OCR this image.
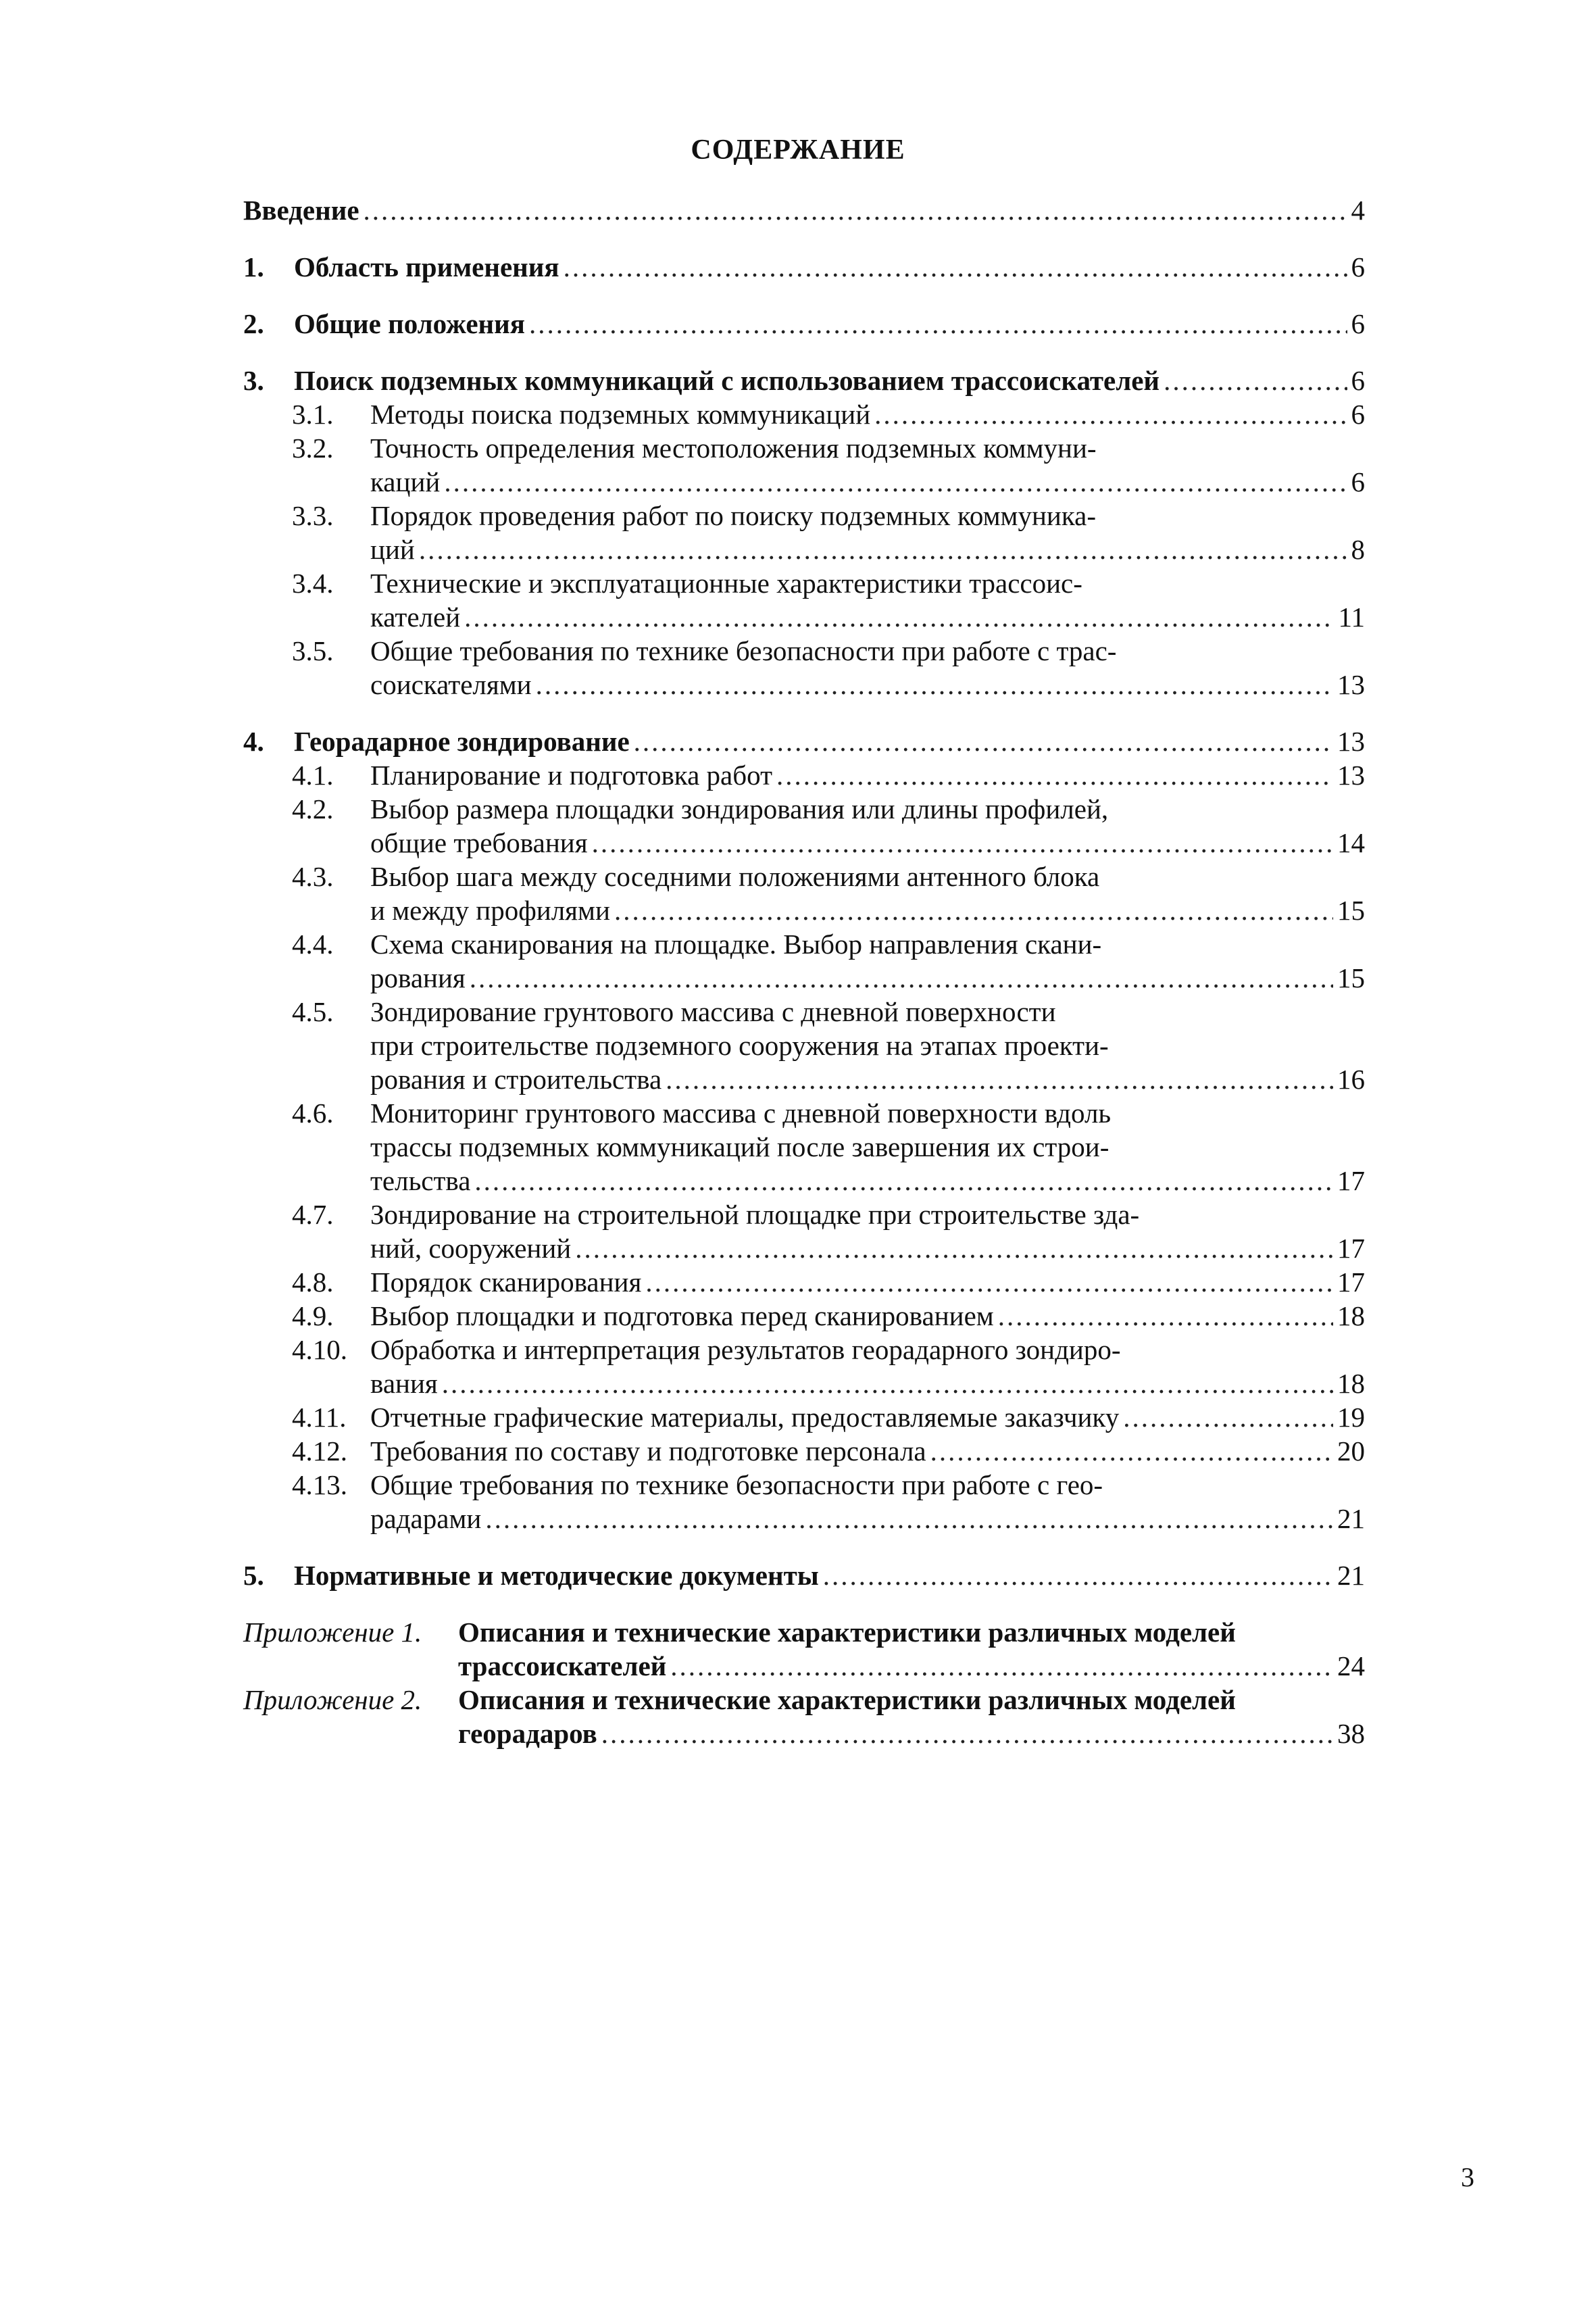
СОДЕРЖАНИЕ
Введение .....	4
1. Область применения .....	6
2. Общие положения .....	6
3. Поиск подземных коммуникаций с использованием трассоискателей .....	6
3.1. Методы поиска подземных коммуникаций .....	6
3.2. Точность определения местоположения подземных коммуни-
каций .....	6
3.3. Порядок проведения работ по поиску подземных коммуника-
ций .....	8
3.4. Технические и эксплуатационные характеристики трассоис-
кателей .....	11
3.5. Общие требования по технике безопасности при работе с трас-
соискателями .....	13
4. Георадарное зондирование .....	13
4.1. Планирование и подготовка работ .....	13
4.2. Выбор размера площадки зондирования или длины профилей,
общие требования .....	14
4.3. Выбор шага между соседними положениями антенного блока
и между профилями .....	15
4.4. Схема сканирования на площадке. Выбор направления скани-
рования .....	15
4.5. Зондирование грунтового массива с дневной поверхности
при строительстве подземного сооружения на этапах проекти-
рования и строительства .....	16
4.6. Мониторинг грунтового массива с дневной поверхности вдоль
трассы подземных коммуникаций после завершения их строи-
тельства .....	17
4.7. Зондирование на строительной площадке при строительстве зда-
ний, сооружений .....	17
4.8. Порядок сканирования .....	17
4.9. Выбор площадки и подготовка перед сканированием .....	18
4.10. Обработка и интерпретация результатов георадарного зондиро-
вания .....	18
4.11. Отчетные графические материалы, предоставляемые заказчику .....	19
4.12. Требования по составу и подготовке персонала .....	20
4.13. Общие требования по технике безопасности при работе с гео-
радарами .....	21
5. Нормативные и методические документы .....	21
Приложение 1. Описания и технические характеристики различных моделей
трассоискателей .....	24
Приложение 2. Описания и технические характеристики различных моделей
георадаров .....	38
3
